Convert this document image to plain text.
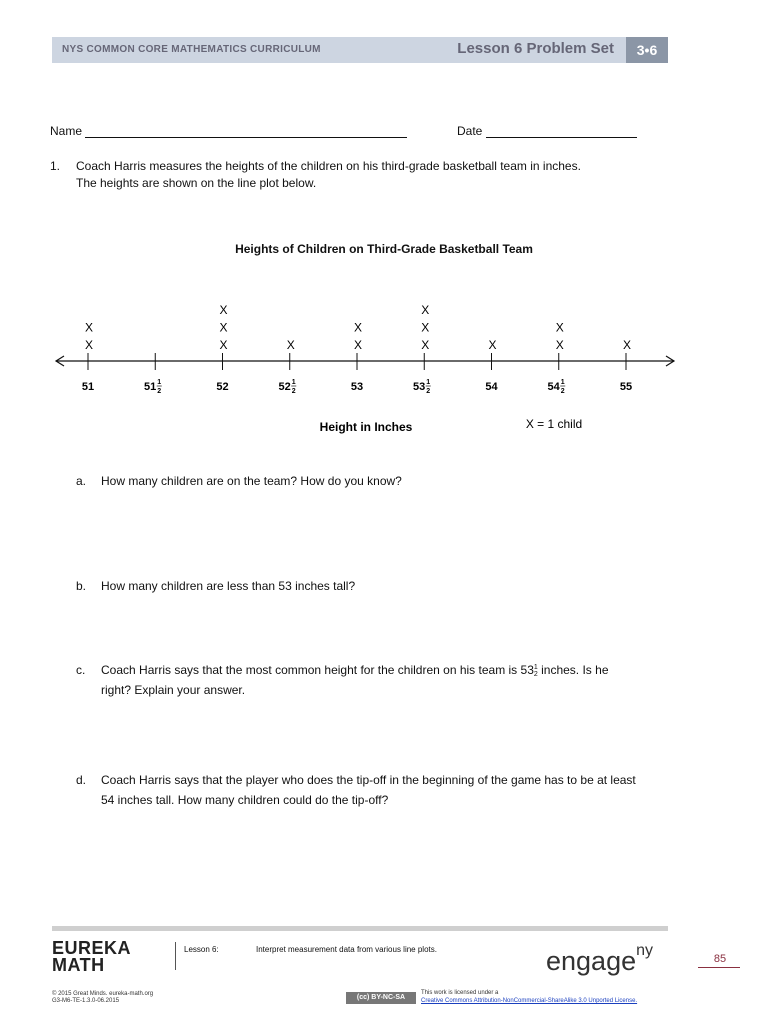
NYS COMMON CORE MATHEMATICS CURRICULUM	Lesson 6 Problem Set	3•6
Name	Date
1. Coach Harris measures the heights of the children on his third-grade basketball team in inches.
The heights are shown on the line plot below.
Heights of Children on Third-Grade Basketball Team
51	51 1
2	52	52 1
2	53	53 1
2	54	54 1
2	55
X
X
X
X
X
X	X
X
X
X
X
X	X
X
X
Height in Inches	X = 1 child
a. How many children are on the team? How do you know?
b. How many children are less than 53 inches tall?
c. Coach Harris says that the most common height for the children on his team is 53 1
2 inches. Is he
right? Explain your answer.
d. Coach Harris says that the player who does the tip-off in the beginning of the game has to be at least
54 inches tall. How many children could do the tip-off?
EUREKA
MATH
Lesson 6:	Interpret measurement data from various line plots.	engage$^{ny}$	85
© 2015 Great Minds. eureka-math.org
G3-M6-TE-1.3.0-06.2015	(cc) BY-NC-SA
This work is licensed under a
Creative Commons Attribution-NonCommercial-ShareAlike 3.0 Unported License.
